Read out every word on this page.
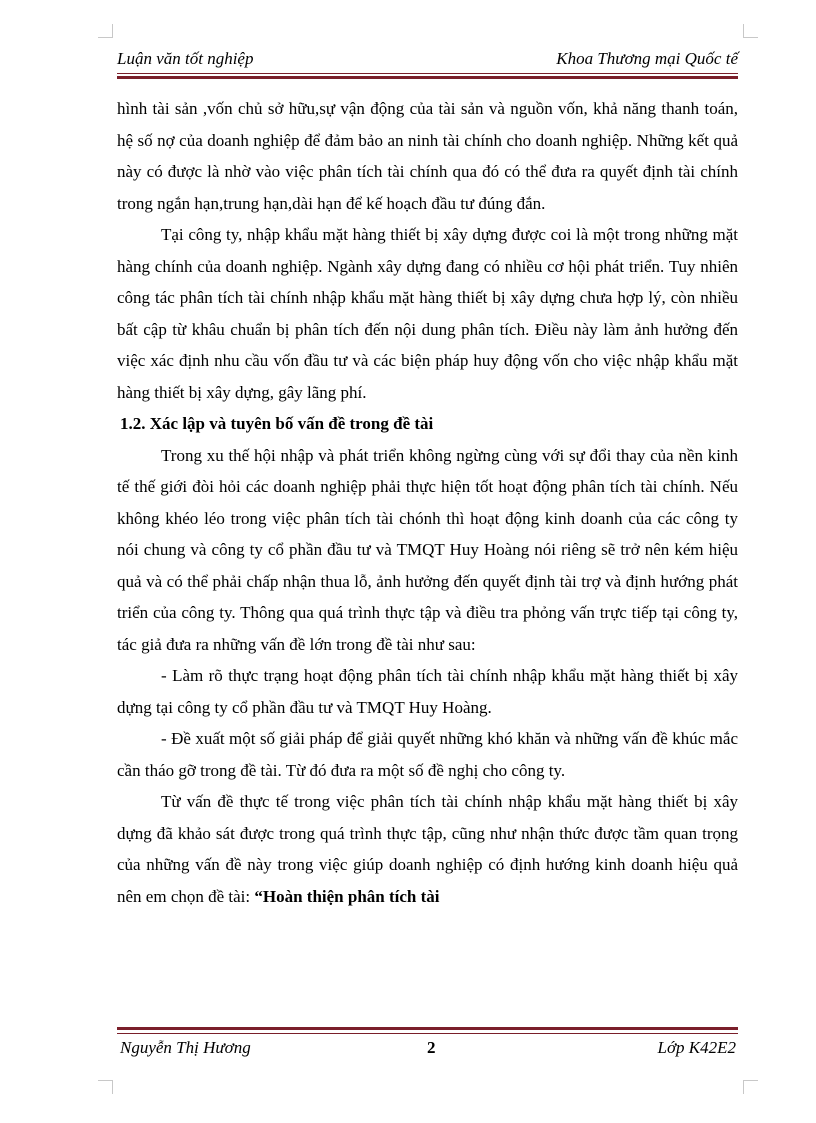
Luận văn tốt nghiệp	Khoa Thương mại Quốc tế

hình tài sản ,vốn chủ sở hữu,sự vận động của tài sản và nguồn vốn, khả năng thanh toán, hệ số nợ của doanh nghiệp để đảm bảo an ninh tài chính cho doanh nghiệp. Những kết quả này có được là nhờ vào việc phân tích tài chính qua đó có thể đưa ra quyết định tài chính trong ngắn hạn,trung hạn,dài hạn để kế hoạch đầu tư đúng đắn.

Tại công ty, nhập khẩu mặt hàng thiết bị xây dựng được coi là một trong những mặt hàng chính của doanh nghiệp. Ngành xây dựng đang có nhiều cơ hội phát triển. Tuy nhiên công tác phân tích tài chính nhập khẩu mặt hàng thiết bị xây dựng chưa hợp lý, còn nhiều bất cập từ khâu chuẩn bị phân tích đến nội dung phân tích. Điều này làm ảnh hưởng đến việc xác định nhu cầu vốn đầu tư và các biện pháp huy động vốn cho việc nhập khẩu mặt hàng thiết bị xây dựng, gây lãng phí.

1.2. Xác lập và tuyên bố vấn đề trong đề tài

Trong xu thế hội nhập và phát triển không ngừng cùng với sự đổi thay của nền kinh tế thế giới đòi hỏi các doanh nghiệp phải thực hiện tốt hoạt động phân tích tài chính. Nếu không khéo léo trong việc phân tích tài chónh thì hoạt động kinh doanh của các công ty nói chung và công ty cổ phần đầu tư và TMQT Huy Hoàng nói riêng sẽ trở nên kém hiệu quả và có thể phải chấp nhận thua lỗ, ảnh hưởng đến quyết định tài trợ và định hướng phát triển của công ty. Thông qua quá trình thực tập và điều tra phỏng vấn trực tiếp tại công ty, tác giả đưa ra những vấn đề lớn trong đề tài như sau:

- Làm rõ thực trạng hoạt động phân tích tài chính nhập khẩu mặt hàng thiết bị xây dựng tại công ty cổ phần đầu tư và TMQT Huy Hoàng.

- Đề xuất một số giải pháp để giải quyết những khó khăn và những vấn đề khúc mắc cần tháo gỡ trong đề tài. Từ đó đưa ra một số đề nghị cho công ty.

Từ vấn đề thực tế trong việc phân tích tài chính nhập khẩu mặt hàng thiết bị xây dựng đã khảo sát được trong quá trình thực tập, cũng như nhận thức được tầm quan trọng của những vấn đề này trong việc giúp doanh nghiệp có định hướng kinh doanh hiệu quả nên em chọn đề tài: “Hoàn thiện phân tích tài

Nguyễn Thị Hương	2	Lớp K42E2
